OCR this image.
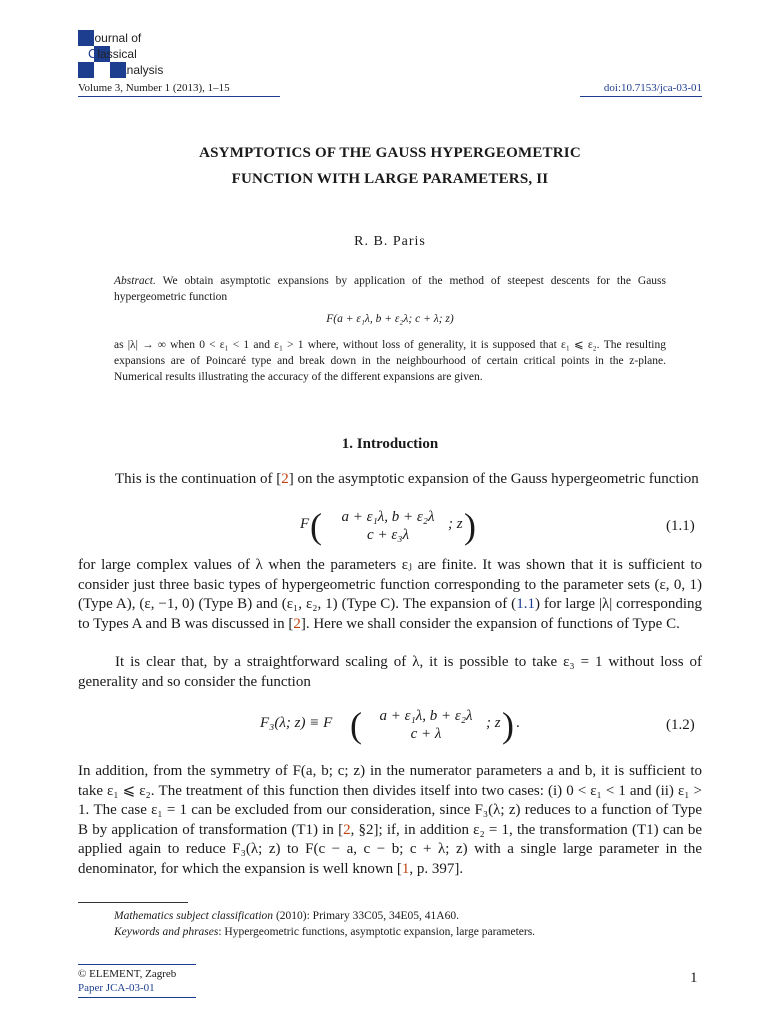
Journal of
Classical
Analysis
Volume 3, Number 1 (2013), 1–15	doi:10.7153/jca-03-01
ASYMPTOTICS OF THE GAUSS HYPERGEOMETRIC
FUNCTION WITH LARGE PARAMETERS, II
R. B. Paris
Abstract. We obtain asymptotic expansions by application of the method of steepest descents for the Gauss hypergeometric function
F(a + ε₁λ, b + ε₂λ; c + λ; z)
as |λ| → ∞ when 0 < ε₁ < 1 and ε₁ > 1 where, without loss of generality, it is supposed that ε₁ ⩽ ε₂. The resulting expansions are of Poincaré type and break down in the neighbourhood of certain critical points in the z-plane. Numerical results illustrating the accuracy of the different expansions are given.
1. Introduction
This is the continuation of [2] on the asymptotic expansion of the Gauss hypergeometric function
F (	a + ε₁λ, b + ε₂λ
c + ε₃λ
; z )	(1.1)
for large complex values of λ when the parameters εⱼ are finite. It was shown that it is sufficient to consider just three basic types of hypergeometric function corresponding to the parameter sets (ε, 0, 1) (Type A), (ε, −1, 0) (Type B) and (ε₁, ε₂, 1) (Type C). The expansion of (1.1) for large |λ| corresponding to Types A and B was discussed in [2]. Here we shall consider the expansion of functions of Type C.
It is clear that, by a straightforward scaling of λ, it is possible to take ε₃ = 1 without loss of generality and so consider the function
F₃(λ; z) ≡ F (	a + ε₁λ, b + ε₂λ
c + λ
; z ) .	(1.2)
In addition, from the symmetry of F(a, b; c; z) in the numerator parameters a and b, it is sufficient to take ε₁ ⩽ ε₂. The treatment of this function then divides itself into two cases: (i) 0 < ε₁ < 1 and (ii) ε₁ > 1. The case ε₁ = 1 can be excluded from our consideration, since F₃(λ; z) reduces to a function of Type B by application of transformation (T1) in [2, §2]; if, in addition ε₂ = 1, the transformation (T1) can be applied again to reduce F₃(λ; z) to F(c − a, c − b; c + λ; z) with a single large parameter in the denominator, for which the expansion is well known [1, p. 397].
Mathematics subject classification (2010): Primary 33C05, 34E05, 41A60.
Keywords and phrases: Hypergeometric functions, asymptotic expansion, large parameters.
© ELEMENT, Zagreb
Paper JCA-03-01
1
